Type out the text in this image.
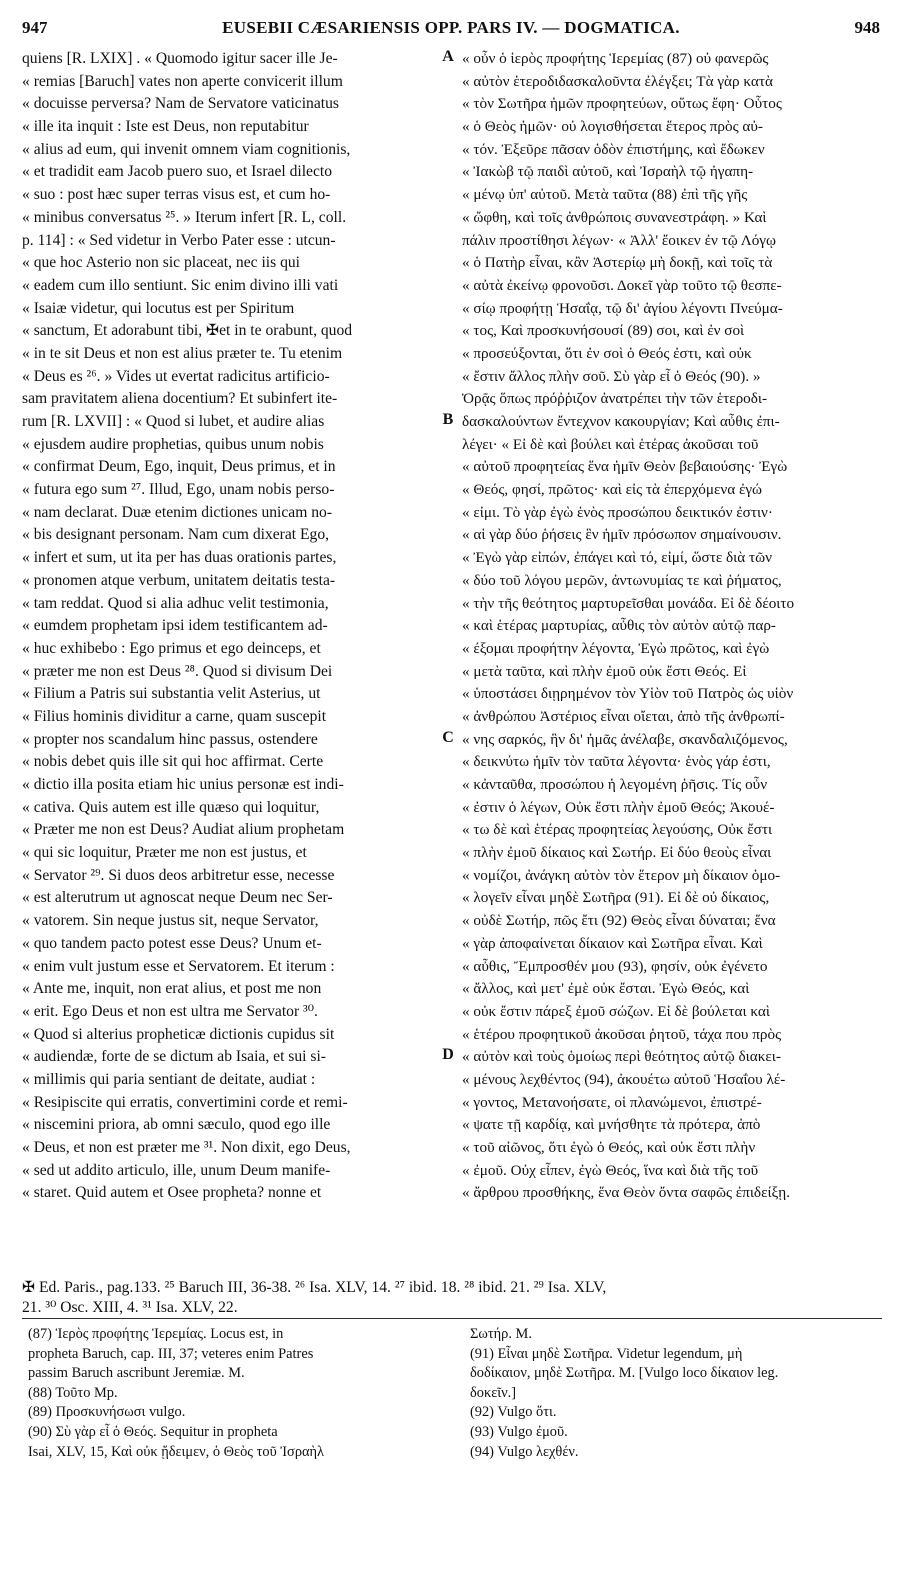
947	EUSEBII CÆSARIENSIS OPP. PARS IV. — DOGMATICA.	948
quiens [R. LXIX] . « Quomodo igitur sacer ille Je-
« remias [Baruch] vates non aperte convicerit illum
« docuisse perversa? Nam de Servatore vaticinatus
« ille ita inquit : Iste est Deus, non reputabitur
« alius ad eum, qui invenit omnem viam cognitionis,
« et tradidit eam Jacob puero suo, et Israel dilecto
« suo : post hæc super terras visus est, et cum ho-
« minibus conversatus ²⁵. » Iterum infert [R. L, coll.
p. 114] : « Sed videtur in Verbo Pater esse : utcun-
« que hoc Asterio non sic placeat, nec iis qui
« eadem cum illo sentiunt. Sic enim divino illi vati
« Isaiæ videtur, qui locutus est per Spiritum
« sanctum, Et adorabunt tibi, ✠et in te orabunt, quod
« in te sit Deus et non est alius præter te. Tu etenim
« Deus es ²⁶. » Vides ut evertat radicitus artificio-
sam pravitatem aliena docentium? Et subinfert ite-
rum [R. LXVII] : « Quod si lubet, et audire alias
« ejusdem audire prophetias, quibus unum nobis
« confirmat Deum, Ego, inquit, Deus primus, et in
« futura ego sum ²⁷. Illud, Ego, unam nobis perso-
« nam declarat. Duæ etenim dictiones unicam no-
« bis designant personam. Nam cum dixerat Ego,
« infert et sum, ut ita per has duas orationis partes,
« pronomen atque verbum, unitatem deitatis testa-
« tam reddat. Quod si alia adhuc velit testimonia,
« eumdem prophetam ipsi idem testificantem ad-
« huc exhibebo : Ego primus et ego deinceps, et
« præter me non est Deus ²⁸. Quod si divisum Dei
« Filium a Patris sui substantia velit Asterius, ut
« Filius hominis dividitur a carne, quam suscepit
« propter nos scandalum hinc passus, ostendere
« nobis debet quis ille sit qui hoc affirmat. Certe
« dictio illa posita etiam hic unius personæ est indi-
« cativa. Quis autem est ille quæso qui loquitur,
« Præter me non est Deus? Audiat alium prophetam
« qui sic loquitur, Præter me non est justus, et
« Servator ²⁹. Si duos deos arbitretur esse, necesse
« est alterutrum ut agnoscat neque Deum nec Ser-
« vatorem. Sin neque justus sit, neque Servator,
« quo tandem pacto potest esse Deus? Unum et-
« enim vult justum esse et Servatorem. Et iterum :
« Ante me, inquit, non erat alius, et post me non
« erit. Ego Deus et non est ultra me Servator ³⁰.
« Quod si alterius propheticæ dictionis cupidus sit
« audiendæ, forte de se dictum ab Isaia, et sui si-
« millimis qui paria sentiant de deitate, audiat :
« Resipiscite qui erratis, convertimini corde et remi-
« niscemini priora, ab omni sæculo, quod ego ille
« Deus, et non est præter me ³¹. Non dixit, ego Deus,
« sed ut addito articulo, ille, unum Deum manife-
« staret. Quid autem et Osee propheta? nonne et
A
B
C
D
« οὖν ὁ ἱερὸς προφήτης Ἱερεμίας (87) οὐ φανερῶς
« αὐτὸν ἑτεροδιδασκαλοῦντα ἐλέγξει; Τὰ γὰρ κατὰ
« τὸν Σωτῆρα ἡμῶν προφητεύων, οὕτως ἔφη· Οὗτος
« ὁ Θεὸς ἡμῶν· οὐ λογισθήσεται ἕτερος πρὸς αὐ-
« τόν. Ἐξεῦρε πᾶσαν ὁδὸν ἐπιστήμης, καὶ ἔδωκεν
« Ἰακὼβ τῷ παιδὶ αὐτοῦ, καὶ Ἰσραὴλ τῷ ἠγαπη-
« μένῳ ὑπ' αὐτοῦ. Μετὰ ταῦτα (88) ἐπὶ τῆς γῆς
« ὤφθη, καὶ τοῖς ἀνθρώποις συνανεστράφη. » Καὶ
πάλιν προστίθησι λέγων· « Ἀλλ' ἔοικεν ἐν τῷ Λόγῳ
« ὁ Πατὴρ εἶναι, κἂν Ἀστερίῳ μὴ δοκῇ, καὶ τοῖς τὰ
« αὐτὰ ἐκείνῳ φρονοῦσι. Δοκεῖ γὰρ τοῦτο τῷ θεσπε-
« σίῳ προφήτῃ Ἡσαΐᾳ, τῷ δι' ἁγίου λέγοντι Πνεύμα-
« τος, Καὶ προσκυνήσουσί (89) σοι, καὶ ἐν σοὶ
« προσεύξονται, ὅτι ἐν σοὶ ὁ Θεός ἐστι, καὶ οὐκ
« ἔστιν ἄλλος πλὴν σοῦ. Σὺ γὰρ εἶ ὁ Θεός (90). »
Ὁρᾷς ὅπως πρόῤῥιζον ἀνατρέπει τὴν τῶν ἑτεροδι-
δασκαλούντων ἔντεχνον κακουργίαν; Καὶ αὖθις ἐπι-
λέγει· « Εἰ δὲ καὶ βούλει καὶ ἑτέρας ἀκοῦσαι τοῦ
« αὐτοῦ προφητείας ἕνα ἡμῖν Θεὸν βεβαιούσης· Ἐγὼ
« Θεός, φησί, πρῶτος· καὶ εἰς τὰ ἐπερχόμενα ἐγώ
« εἰμι. Τὸ γὰρ ἐγὼ ἑνὸς προσώπου δεικτικόν ἐστιν·
« αἱ γὰρ δύο ῥήσεις ἓν ἡμῖν πρόσωπον σημαίνουσιν.
« Ἐγὼ γὰρ εἰπών, ἐπάγει καὶ τό, εἰμί, ὥστε διὰ τῶν
« δύο τοῦ λόγου μερῶν, ἀντωνυμίας τε καὶ ῥήματος,
« τὴν τῆς θεότητος μαρτυρεῖσθαι μονάδα. Εἰ δὲ δέοιτο
« καὶ ἑτέρας μαρτυρίας, αὖθις τὸν αὐτὸν αὐτῷ παρ-
« έξομαι προφήτην λέγοντα, Ἐγὼ πρῶτος, καὶ ἐγὼ
« μετὰ ταῦτα, καὶ πλὴν ἐμοῦ οὐκ ἔστι Θεός. Εἰ
« ὑποστάσει διῃρημένον τὸν Υἱὸν τοῦ Πατρὸς ὡς υἱὸν
« ἀνθρώπου Ἀστέριος εἶναι οἴεται, ἀπὸ τῆς ἀνθρωπί-
« νης σαρκός, ἣν δι' ἡμᾶς ἀνέλαβε, σκανδαλιζόμενος,
« δεικνύτω ἡμῖν τὸν ταῦτα λέγοντα· ἑνὸς γάρ ἐστι,
« κἀνταῦθα, προσώπου ἡ λεγομένη ῥῆσις. Τίς οὖν
« ἐστιν ὁ λέγων, Οὐκ ἔστι πλὴν ἐμοῦ Θεός; Ἀκουέ-
« τω δὲ καὶ ἑτέρας προφητείας λεγούσης, Οὐκ ἔστι
« πλὴν ἐμοῦ δίκαιος καὶ Σωτήρ. Εἰ δύο θεοὺς εἶναι
« νομίζοι, ἀνάγκη αὐτὸν τὸν ἕτερον μὴ δίκαιον ὁμο-
« λογεῖν εἶναι μηδὲ Σωτῆρα (91). Εἰ δὲ οὐ δίκαιος,
« οὐδὲ Σωτήρ, πῶς ἔτι (92) Θεὸς εἶναι δύναται; ἕνα
« γὰρ ἀποφαίνεται δίκαιον καὶ Σωτῆρα εἶναι. Καὶ
« αὖθις, Ἔμπροσθέν μου (93), φησίν, οὐκ ἐγένετο
« ἄλλος, καὶ μετ' ἐμὲ οὐκ ἔσται. Ἐγὼ Θεός, καὶ
« οὐκ ἔστιν πάρεξ ἐμοῦ σώζων. Εἰ δὲ βούλεται καὶ
« ἑτέρου προφητικοῦ ἀκοῦσαι ῥητοῦ, τάχα που πρὸς
« αὐτὸν καὶ τοὺς ὁμοίως περὶ θεότητος αὐτῷ διακει-
« μένους λεχθέντος (94), ἀκουέτω αὐτοῦ Ἡσαΐου λέ-
« γοντος, Μετανοήσατε, οἱ πλανώμενοι, ἐπιστρέ-
« ψατε τῇ καρδίᾳ, καὶ μνήσθητε τὰ πρότερα, ἀπὸ
« τοῦ αἰῶνος, ὅτι ἐγὼ ὁ Θεός, καὶ οὐκ ἔστι πλὴν
« ἐμοῦ. Οὐχ εἶπεν, ἐγὼ Θεός, ἵνα καὶ διὰ τῆς τοῦ
« ἄρθρου προσθήκης, ἕνα Θεὸν ὄντα σαφῶς ἐπιδείξῃ.
✠ Ed. Paris., pag.133. ²⁵ Baruch III, 36-38. ²⁶ Isa. XLV, 14. ²⁷ ibid. 18. ²⁸ ibid. 21. ²⁹ Isa. XLV,
21. ³⁰ Osc. XIII, 4. ³¹ Isa. XLV, 22.
(87) Ἱερὸς προφήτης Ἱερεμίας. Locus est, in
propheta Baruch, cap. III, 37; veteres enim Patres
passim Baruch ascribunt Jeremiæ. M.
(88) Τοῦτο Mp.
(89) Προσκυνήσωσι vulgo.
(90) Σὺ γὰρ εἶ ὁ Θεός. Sequitur in propheta
Isai, XLV, 15, Καὶ οὐκ ᾔδειμεν, ὁ Θεὸς τοῦ Ἰσραὴλ
Σωτήρ. M.
(91) Εἶναι μηδὲ Σωτῆρα. Videtur legendum, μὴ
δοδίκαιον, μηδὲ Σωτῆρα. M. [Vulgo loco δίκαιον leg.
δοκεῖν.]
(92) Vulgo ὅτι.
(93) Vulgo ἐμοῦ.
(94) Vulgo λεχθέν.
